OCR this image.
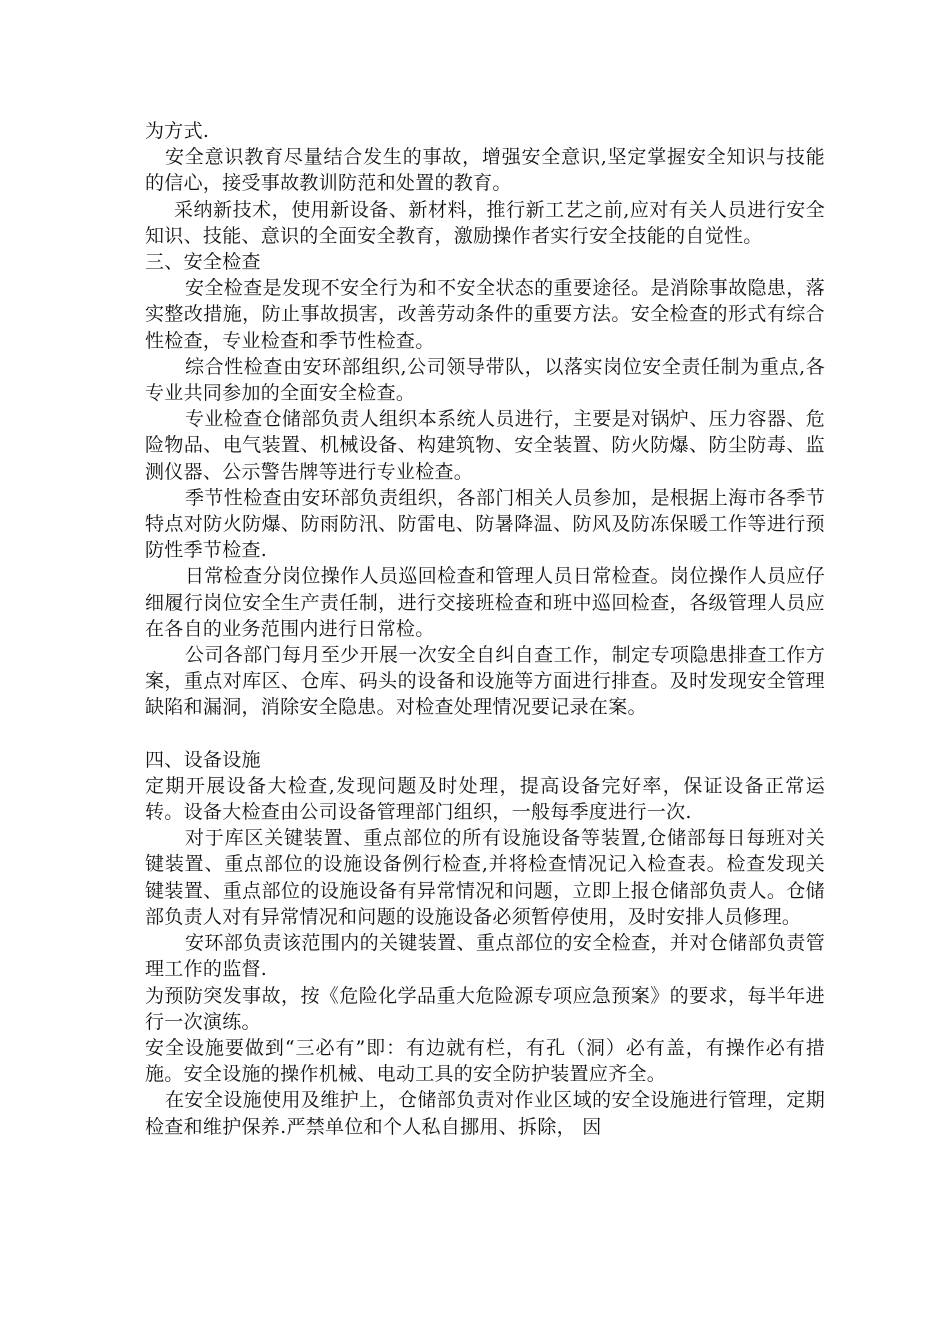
为方式.

安全意识教育尽量结合发生的事故，增强安全意识,坚定掌握安全知识与技能的信心，接受事故教训防范和处置的教育。

采纳新技术，使用新设备、新材料，推行新工艺之前,应对有关人员进行安全知识、技能、意识的全面安全教育，激励操作者实行安全技能的自觉性。

三、安全检查

安全检查是发现不安全行为和不安全状态的重要途径。是消除事故隐患，落实整改措施，防止事故损害，改善劳动条件的重要方法。安全检查的形式有综合性检查，专业检查和季节性检查。

综合性检查由安环部组织,公司领导带队，以落实岗位安全责任制为重点,各专业共同参加的全面安全检查。

专业检查仓储部负责人组织本系统人员进行，主要是对锅炉、压力容器、危险物品、电气装置、机械设备、构建筑物、安全装置、防火防爆、防尘防毒、监测仪器、公示警告牌等进行专业检查。

季节性检查由安环部负责组织，各部门相关人员参加，是根据上海市各季节特点对防火防爆、防雨防汛、防雷电、防暑降温、防风及防冻保暖工作等进行预防性季节检查.

日常检查分岗位操作人员巡回检查和管理人员日常检查。岗位操作人员应仔细履行岗位安全生产责任制，进行交接班检查和班中巡回检查，各级管理人员应在各自的业务范围内进行日常检。

公司各部门每月至少开展一次安全自纠自查工作，制定专项隐患排查工作方案，重点对库区、仓库、码头的设备和设施等方面进行排查。及时发现安全管理缺陷和漏洞，消除安全隐患。对检查处理情况要记录在案。

四、设备设施

定期开展设备大检查,发现问题及时处理，提高设备完好率，保证设备正常运转。设备大检查由公司设备管理部门组织，一般每季度进行一次.

对于库区关键装置、重点部位的所有设施设备等装置,仓储部每日每班对关键装置、重点部位的设施设备例行检查,并将检查情况记入检查表。检查发现关键装置、重点部位的设施设备有异常情况和问题，立即上报仓储部负责人。仓储部负责人对有异常情况和问题的设施设备必须暂停使用，及时安排人员修理。

安环部负责该范围内的关键装置、重点部位的安全检查，并对仓储部负责管理工作的监督.

为预防突发事故，按《危险化学品重大危险源专项应急预案》的要求，每半年进行一次演练。

安全设施要做到“三必有”即：有边就有栏，有孔（洞）必有盖，有操作必有措施。安全设施的操作机械、电动工具的安全防护装置应齐全。

在安全设施使用及维护上，仓储部负责对作业区域的安全设施进行管理，定期检查和维护保养.严禁单位和个人私自挪用、拆除， 因
